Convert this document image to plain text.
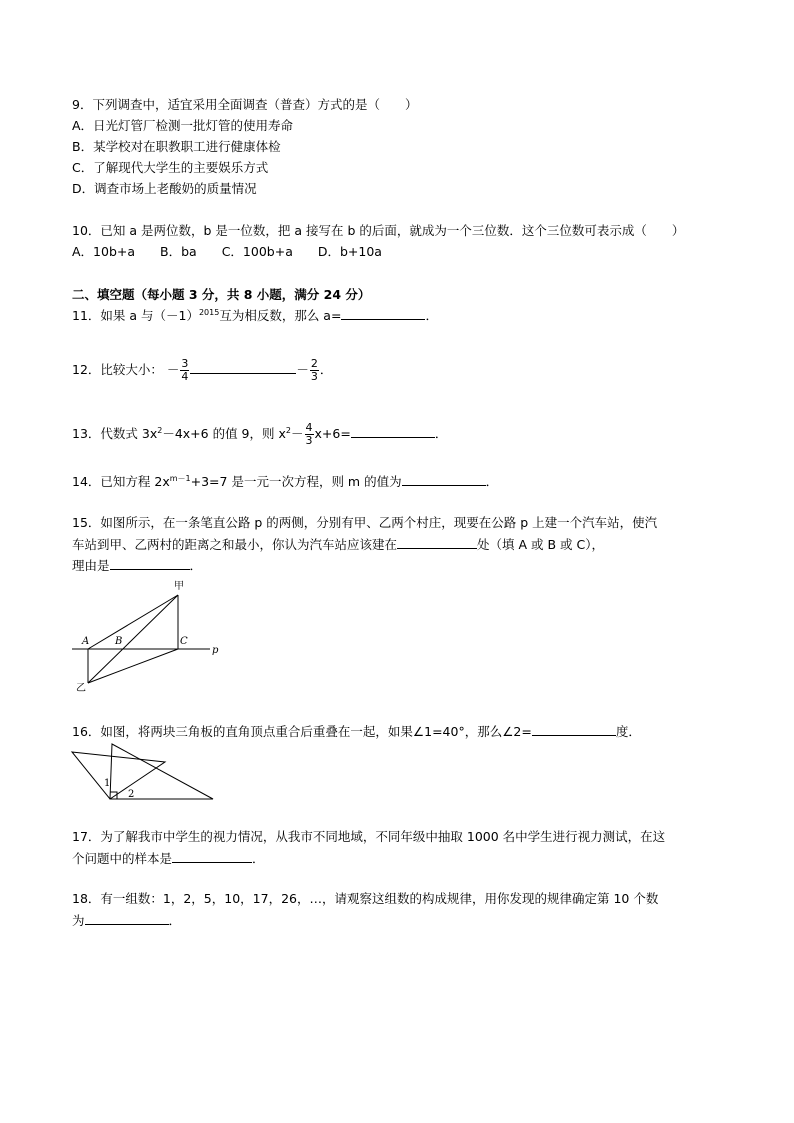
9．下列调查中，适宜采用全面调查（普查）方式的是（　　）
A．日光灯管厂检测一批灯管的使用寿命
B．某学校对在职教职工进行健康体检
C．了解现代大学生的主要娱乐方式
D．调查市场上老酸奶的质量情况
10．已知 a 是两位数，b 是一位数，把 a 接写在 b 的后面，就成为一个三位数．这个三位数可表示成（　　）
A．10b+a　　B．ba　　C．100b+a　　D．b+10a
二、填空题（每小题 3 分，共 8 小题，满分 24 分）
11．如果 a 与$(-1)^{2015}$互为相反数，那么 a=	．
12．比较大小： － $\frac{3}{4}$	－ $\frac{2}{3}$ ．
13．代数式 $3x^2-4x+6$ 的值 9，则 $x^2- \frac{4}{3} x+6=$	．
14．已知方程 $2x^{m-1}+3=7$ 是一元一次方程，则 m 的值为	．
15．如图所示，在一条笔直公路 p 的两侧，分别有甲、乙两个村庄，现要在公路 p 上建一个汽车站，使汽
车站到甲、乙两村的距离之和最小，你认为汽车站应该建在	处（填 A 或 B 或 C），
理由是	．
甲
乙
A	B	C
p
16．如图，将两块三角板的直角顶点重合后重叠在一起，如果∠1=40°，那么∠2=	度．
1
2
17．为了解我市中学生的视力情况，从我市不同地域，不同年级中抽取 1000 名中学生进行视力测试，在这
个问题中的样本是	．
18．有一组数：1，2，5，10，17，26，…，请观察这组数的构成规律，用你发现的规律确定第 10 个数
为	．
